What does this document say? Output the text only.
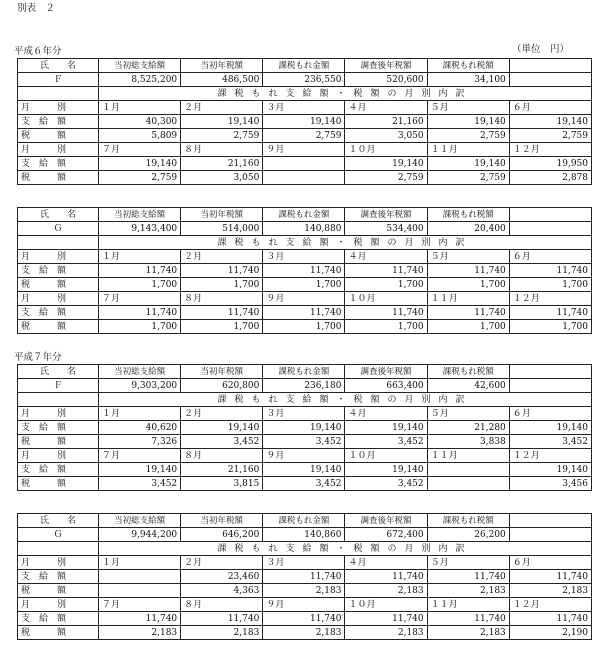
別表　２
（単位　円）
平成６年分
平成７年分
氏　　名	当初総支給額	当初年税額	課税もれ金額	調査後年税額	課税もれ税額	
Ｆ	8,525,200	486,500	236,550	520,600	34,100	
	課税もれ支給額・税額の月別内訳					
月　　　別	１月	２月	３月	４月	５月	６月
支　給　額	40,300	19,140	19,140	21,160	19,140	19,140
税　　　額	5,809	2,759	2,759	3,050	2,759	2,759
月　　　別	７月	８月	９月	１０月	１１月	１２月
支　給　額	19,140	21,160		19,140	19,140	19,950
税　　　額	2,759	3,050		2,759	2,759	2,878
氏　　名	当初総支給額	当初年税額	課税もれ金額	調査後年税額	課税もれ税額	
Ｇ	9,143,400	514,000	140,880	534,400	20,400	
	課税もれ支給額・税額の月別内訳					
月　　　別	１月	２月	３月	４月	５月	６月
支　給　額	11,740	11,740	11,740	11,740	11,740	11,740
税　　　額	1,700	1,700	1,700	1,700	1,700	1,700
月　　　別	７月	８月	９月	１０月	１１月	１２月
支　給　額	11,740	11,740	11,740	11,740	11,740	11,740
税　　　額	1,700	1,700	1,700	1,700	1,700	1,700
氏　　名	当初総支給額	当初年税額	課税もれ金額	調査後年税額	課税もれ税額	
Ｆ	9,303,200	620,800	236,180	663,400	42,600	
	課税もれ支給額・税額の月別内訳					
月　　　別	１月	２月	３月	４月	５月	６月
支　給　額	40,620	19,140	19,140	19,140	21,280	19,140
税　　　額	7,326	3,452	3,452	3,452	3,838	3,452
月　　　別	７月	８月	９月	１０月	１１月	１２月
支　給　額	19,140	21,160	19,140	19,140		19,140
税　　　額	3,452	3,815	3,452	3,452		3,456
氏　　名	当初総支給額	当初年税額	課税もれ金額	調査後年税額	課税もれ税額	
Ｇ	9,944,200	646,200	140,860	672,400	26,200	
	課税もれ支給額・税額の月別内訳					
月　　　別	１月	２月	３月	４月	５月	６月
支　給　額		23,460	11,740	11,740	11,740	11,740
税　　　額		4,363	2,183	2,183	2,183	2,183
月　　　別	７月	８月	９月	１０月	１１月	１２月
支　給　額	11,740	11,740	11,740	11,740	11,740	11,740
税　　　額	2,183	2,183	2,183	2,183	2,183	2,190
